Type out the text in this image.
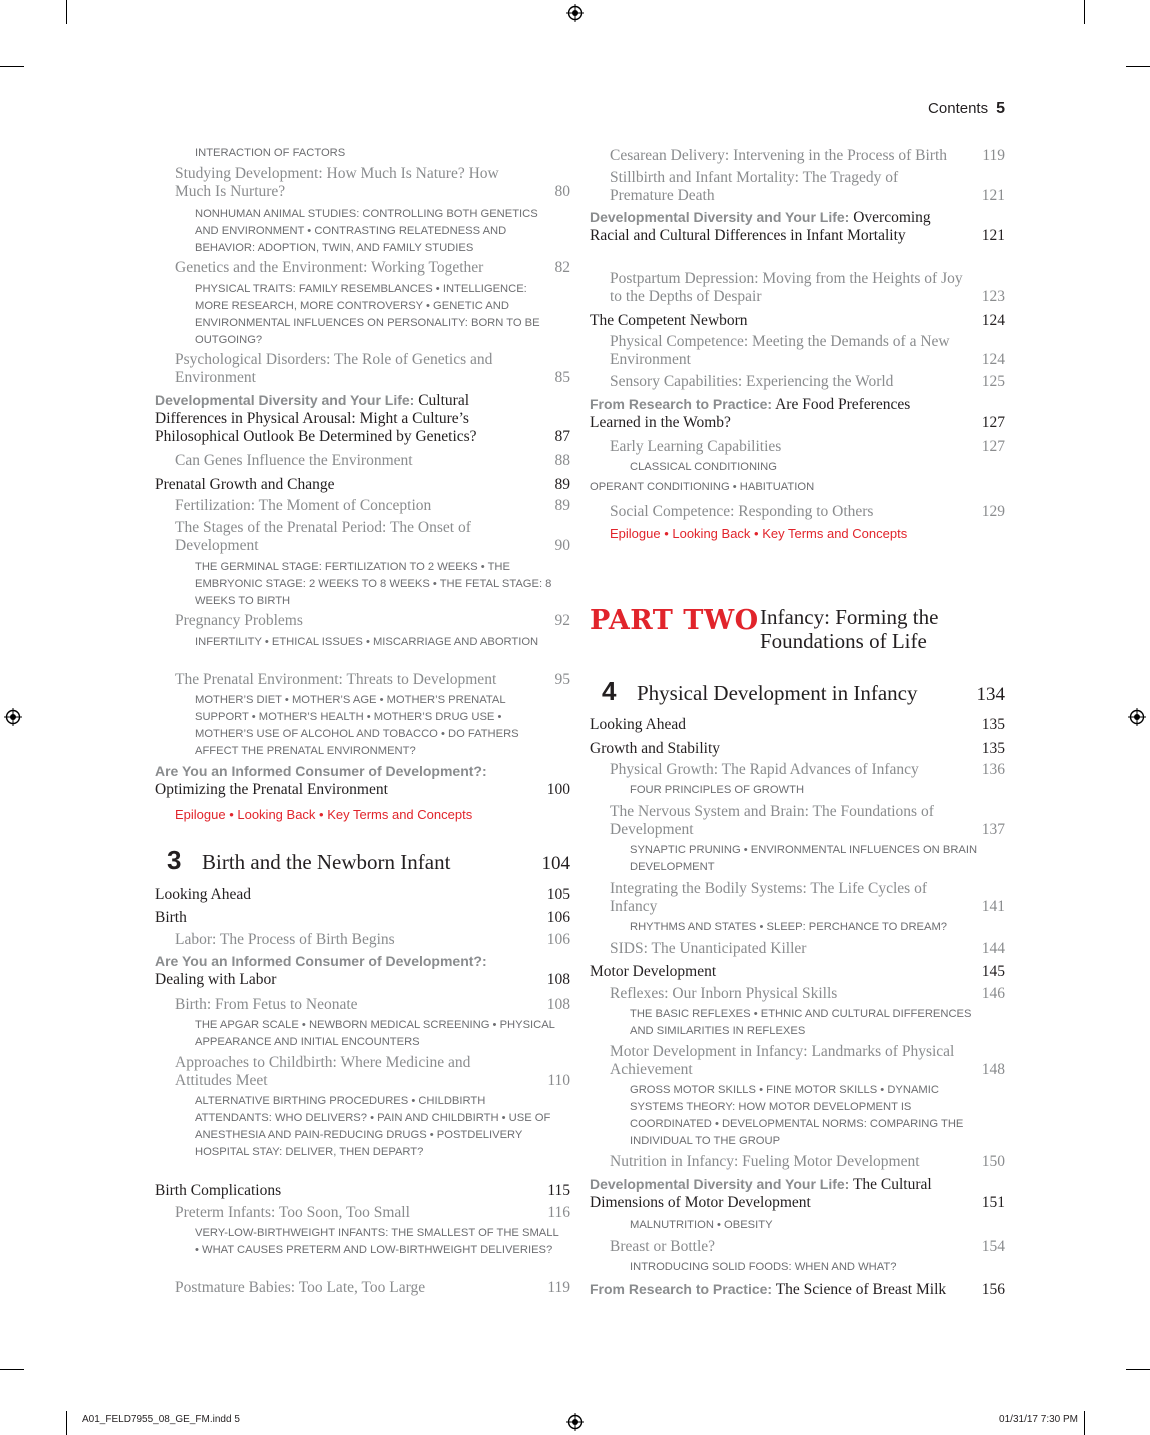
Contents 5
INTERACTION OF FACTORS
Studying Development: How Much Is Nature? How Much Is Nurture?	80
NONHUMAN ANIMAL STUDIES: CONTROLLING BOTH GENETICS AND ENVIRONMENT • CONTRASTING RELATEDNESS AND BEHAVIOR: ADOPTION, TWIN, AND FAMILY STUDIES
Genetics and the Environment: Working Together	82
PHYSICAL TRAITS: FAMILY RESEMBLANCES • INTELLIGENCE: MORE RESEARCH, MORE CONTROVERSY • GENETIC AND ENVIRONMENTAL INFLUENCES ON PERSONALITY: BORN TO BE OUTGOING?
Psychological Disorders: The Role of Genetics and Environment	85
Developmental Diversity and Your Life: Cultural Differences in Physical Arousal: Might a Culture’s Philosophical Outlook Be Determined by Genetics?	87
Can Genes Influence the Environment	88
Prenatal Growth and Change	89
Fertilization: The Moment of Conception	89
The Stages of the Prenatal Period: The Onset of Development	90
THE GERMINAL STAGE: FERTILIZATION TO 2 WEEKS • THE EMBRYONIC STAGE: 2 WEEKS TO 8 WEEKS • THE FETAL STAGE: 8 WEEKS TO BIRTH
Pregnancy Problems	92
INFERTILITY • ETHICAL ISSUES • MISCARRIAGE AND ABORTION
The Prenatal Environment: Threats to Development	95
MOTHER’S DIET • MOTHER’S AGE • MOTHER’S PRENATAL SUPPORT • MOTHER’S HEALTH • MOTHER’S DRUG USE • MOTHER’S USE OF ALCOHOL AND TOBACCO • DO FATHERS AFFECT THE PRENATAL ENVIRONMENT?
Are You an Informed Consumer of Development?: Optimizing the Prenatal Environment	100
Epilogue • Looking Back • Key Terms and Concepts
3 Birth and the Newborn Infant	104
Looking Ahead	105
Birth	106
Labor: The Process of Birth Begins	106
Are You an Informed Consumer of Development?: Dealing with Labor	108
Birth: From Fetus to Neonate	108
THE APGAR SCALE • NEWBORN MEDICAL SCREENING • PHYSICAL APPEARANCE AND INITIAL ENCOUNTERS
Approaches to Childbirth: Where Medicine and Attitudes Meet	110
ALTERNATIVE BIRTHING PROCEDURES • CHILDBIRTH ATTENDANTS: WHO DELIVERS? • PAIN AND CHILDBIRTH • USE OF ANESTHESIA AND PAIN-REDUCING DRUGS • POSTDELIVERY HOSPITAL STAY: DELIVER, THEN DEPART?
Birth Complications	115
Preterm Infants: Too Soon, Too Small	116
VERY-LOW-BIRTHWEIGHT INFANTS: THE SMALLEST OF THE SMALL • WHAT CAUSES PRETERM AND LOW-BIRTHWEIGHT DELIVERIES?
Postmature Babies: Too Late, Too Large	119
Cesarean Delivery: Intervening in the Process of Birth	119
Stillbirth and Infant Mortality: The Tragedy of Premature Death	121
Developmental Diversity and Your Life: Overcoming Racial and Cultural Differences in Infant Mortality	121
Postpartum Depression: Moving from the Heights of Joy to the Depths of Despair	123
The Competent Newborn	124
Physical Competence: Meeting the Demands of a New Environment	124
Sensory Capabilities: Experiencing the World	125
From Research to Practice: Are Food Preferences Learned in the Womb?	127
Early Learning Capabilities	127
CLASSICAL CONDITIONING
OPERANT CONDITIONING • HABITUATION
Social Competence: Responding to Others	129
Epilogue • Looking Back • Key Terms and Concepts
PART TWO Infancy: Forming the Foundations of Life
4 Physical Development in Infancy	134
Looking Ahead	135
Growth and Stability	135
Physical Growth: The Rapid Advances of Infancy	136
FOUR PRINCIPLES OF GROWTH
The Nervous System and Brain: The Foundations of Development	137
SYNAPTIC PRUNING • ENVIRONMENTAL INFLUENCES ON BRAIN DEVELOPMENT
Integrating the Bodily Systems: The Life Cycles of Infancy	141
RHYTHMS AND STATES • SLEEP: PERCHANCE TO DREAM?
SIDS: The Unanticipated Killer	144
Motor Development	145
Reflexes: Our Inborn Physical Skills	146
THE BASIC REFLEXES • ETHNIC AND CULTURAL DIFFERENCES AND SIMILARITIES IN REFLEXES
Motor Development in Infancy: Landmarks of Physical Achievement	148
GROSS MOTOR SKILLS • FINE MOTOR SKILLS • DYNAMIC SYSTEMS THEORY: HOW MOTOR DEVELOPMENT IS COORDINATED • DEVELOPMENTAL NORMS: COMPARING THE INDIVIDUAL TO THE GROUP
Nutrition in Infancy: Fueling Motor Development	150
Developmental Diversity and Your Life: The Cultural Dimensions of Motor Development	151
MALNUTRITION • OBESITY
Breast or Bottle?	154
INTRODUCING SOLID FOODS: WHEN AND WHAT?
From Research to Practice: The Science of Breast Milk	156
A01_FELD7955_08_GE_FM.indd 5	01/31/17 7:30 PM
